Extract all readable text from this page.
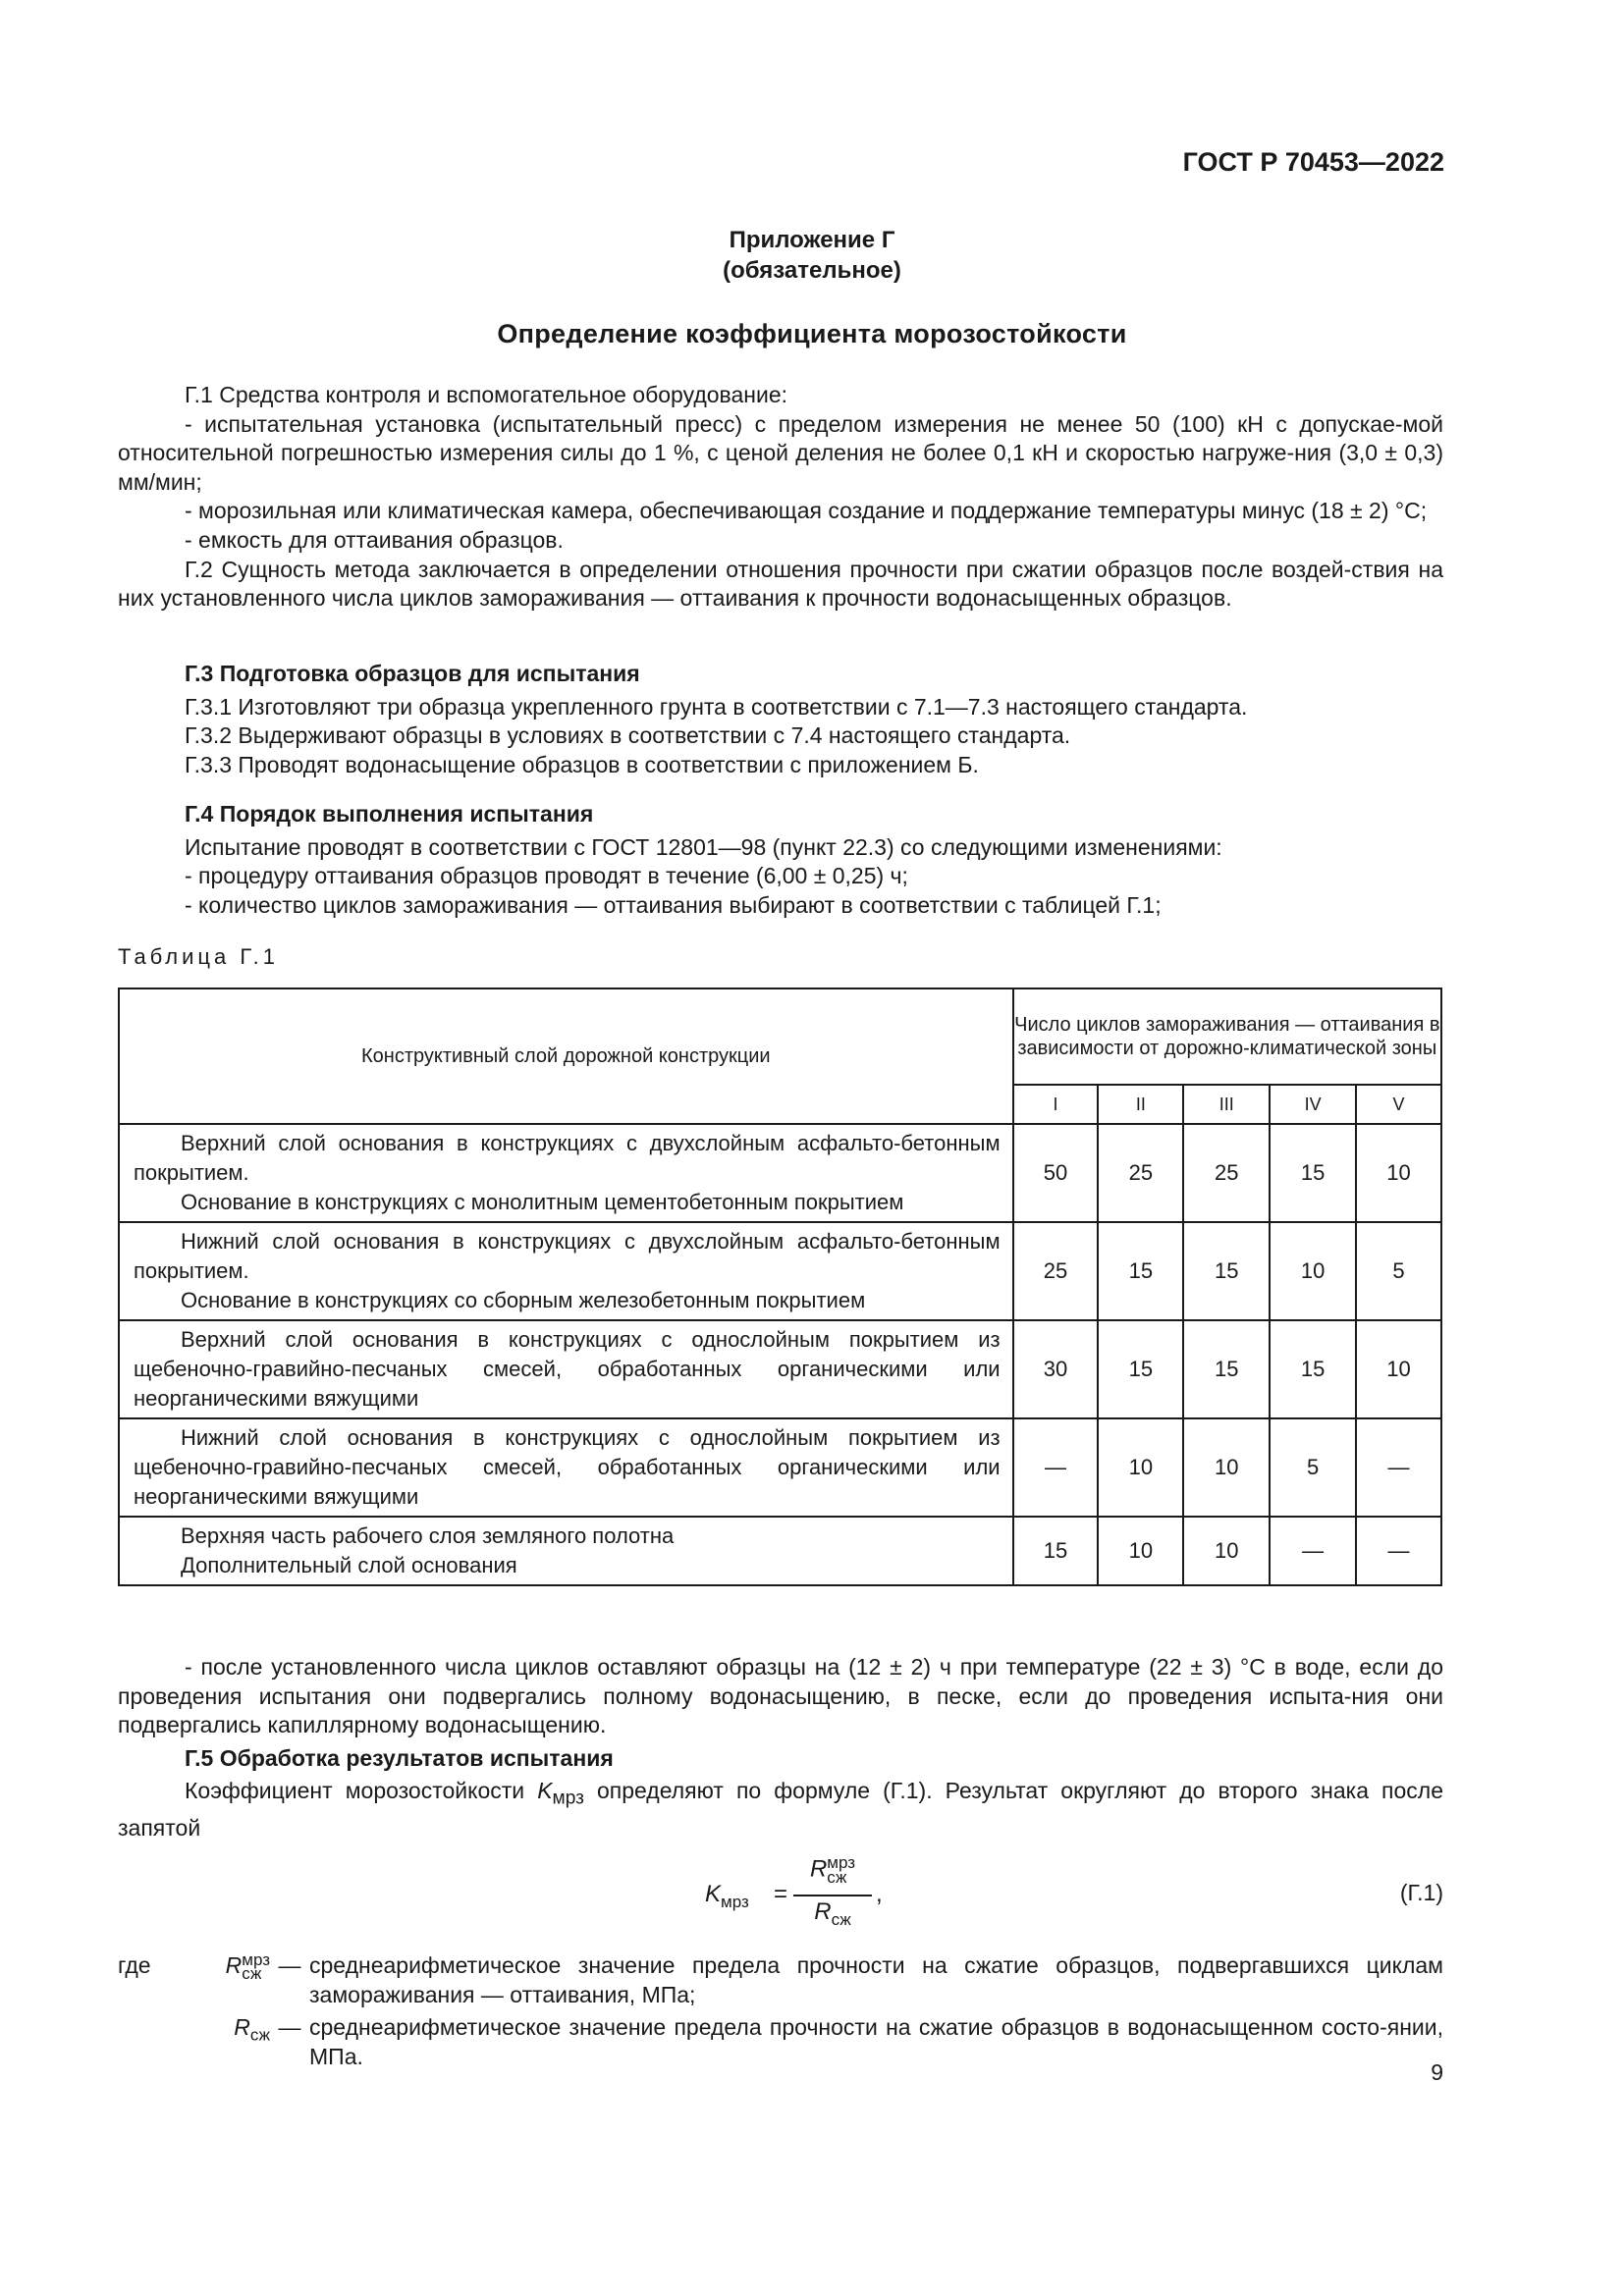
ГОСТ Р 70453—2022
Приложение Г
(обязательное)
Определение коэффициента морозостойкости

Г.1 Средства контроля и вспомогательное оборудование:

- испытательная установка (испытательный пресс) с пределом измерения не менее 50 (100) кН с допускае-мой относительной погрешностью измерения силы до 1 %, с ценой деления не более 0,1 кН и скоростью нагруже-ния (3,0 ± 0,3) мм/мин;

- морозильная или климатическая камера, обеспечивающая создание и поддержание температуры минус (18 ± 2) °C;

- емкость для оттаивания образцов.

Г.2 Сущность метода заключается в определении отношения прочности при сжатии образцов после воздей-ствия на них установленного числа циклов замораживания — оттаивания к прочности водонасыщенных образцов.

Г.3 Подготовка образцов для испытания

Г.3.1 Изготовляют три образца укрепленного грунта в соответствии с 7.1—7.3 настоящего стандарта.

Г.3.2 Выдерживают образцы в условиях в соответствии с 7.4 настоящего стандарта.

Г.3.3 Проводят водонасыщение образцов в соответствии с приложением Б.

Г.4 Порядок выполнения испытания

Испытание проводят в соответствии с ГОСТ 12801—98 (пункт 22.3) со следующими изменениями:

- процедуру оттаивания образцов проводят в течение (6,00 ± 0,25) ч;

- количество циклов замораживания — оттаивания выбирают в соответствии с таблицей Г.1;

Таблица Г.1
Конструктивный слой дорожной конструкции	Число циклов замораживания — оттаивания в зависимости от дорожно-климатической зоны				
	I	II	III	IV	V

Верхний слой основания в конструкциях с двухслойным асфальто-бетонным покрытием.
Основание в конструкциях с монолитным цементобетонным покрытием	50	25	25	15	10

Нижний слой основания в конструкциях с двухслойным асфальто-бетонным покрытием.
Основание в конструкциях со сборным железобетонным покрытием	25	15	15	10	5

Верхний слой основания в конструкциях с однослойным покрытием из щебеночно-гравийно-песчаных смесей, обработанных органическими или неорганическими вяжущими	30	15	15	15	10

Нижний слой основания в конструкциях с однослойным покрытием из щебеночно-гравийно-песчаных смесей, обработанных органическими или неорганическими вяжущими	—	10	10	5	—

Верхняя часть рабочего слоя земляного полотна
Дополнительный слой основания	15	10	10	—	—

- после установленного числа циклов оставляют образцы на (12 ± 2) ч при температуре (22 ± 3) °C в воде, если до проведения испытания они подвергались полному водонасыщению, в песке, если до проведения испыта-ния они подвергались капиллярному водонасыщению.

Г.5 Обработка результатов испытания

Коэффициент морозостойкости $K_{мрз}$ определяют по формуле (Г.1). Результат округляют до второго знака после запятой

$K_{мрз}$ =
R мрз
сж
$R_{сж}$
,	(Г.1)
где	R мрз
сж — среднеарифметическое значение предела прочности на сжатие образцов, подвергавшихся циклам замораживания — оттаивания, МПа;
$R_{сж}$ — среднеарифметическое значение предела прочности на сжатие образцов в водонасыщенном состо-янии, МПа.
9
